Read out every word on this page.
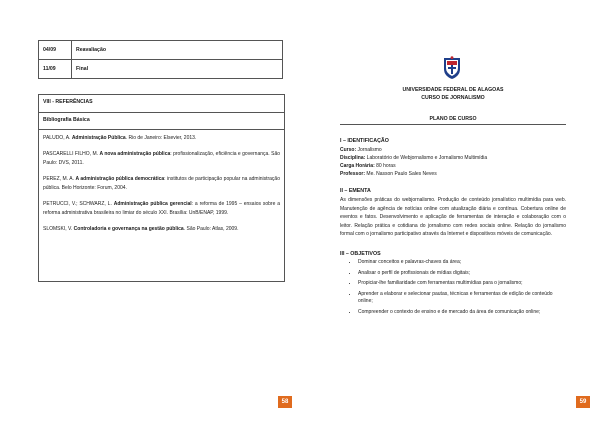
04/09	Reavaliação
11/09	Final
VIII - REFERÊNCIAS
Bibliografia Básica

PALUDO, A. Administração Pública. Rio de Janeiro: Elsevier, 2013.

PASCARELLI FILHO, M. A nova administração pública: profissionalização, eficiência e governança. São Paulo: DVS, 2011.

PEREZ, M. A. A administração pública democrática: institutos de participação popular na administração pública. Belo Horizonte: Forum, 2004.

PETRUCCI, V.; SCHWARZ, L. Administração pública gerencial: a reforma de 1995 – ensaios sobre a reforma administrativa brasileira no limiar do século XXI. Brasília: UnB/ENAP, 1999.

SLOMSKI, V. Controladoria e governança na gestão pública. São Paulo: Atlas, 2009.

58
UNIVERSIDADE FEDERAL DE ALAGOAS
CURSO DE JORNALISMO
PLANO DE CURSO
I – IDENTIFICAÇÃO
Curso: Jornalismo
Disciplina: Laboratório de Webjornalismo e Jornalismo Multimídia
Carga Horária: 80 horas
Professor: Me. Nasson Paulo Sales Neves
II – EMENTA

As dimensões práticas do webjornalismo. Produção de conteúdo jornalístico multimídia para web. Manutenção de agência de notícias online com atualização diária e contínua. Cobertura online de eventos e fatos. Desenvolvimento e aplicação de ferramentas de interação e colaboração com o leitor. Relação prática e cotidiana do jornalismo com redes sociais online. Relação do jornalismo formal com o jornalismo participativo através da Internet e dispositivos móveis de comunicação.

III – OBJETIVOS
• Dominar conceitos e palavras-chaves da área;
• Analisar o perfil de profissionais de mídias digitais;
• Propiciar-lhe familiaridade com ferramentas multimídias para o jornalismo;
• Aprender a elaborar e selecionar pautas, técnicas e ferramentas de edição de conteúdo online;
• Compreender o contexto de ensino e de mercado da área de comunicação online;
59
